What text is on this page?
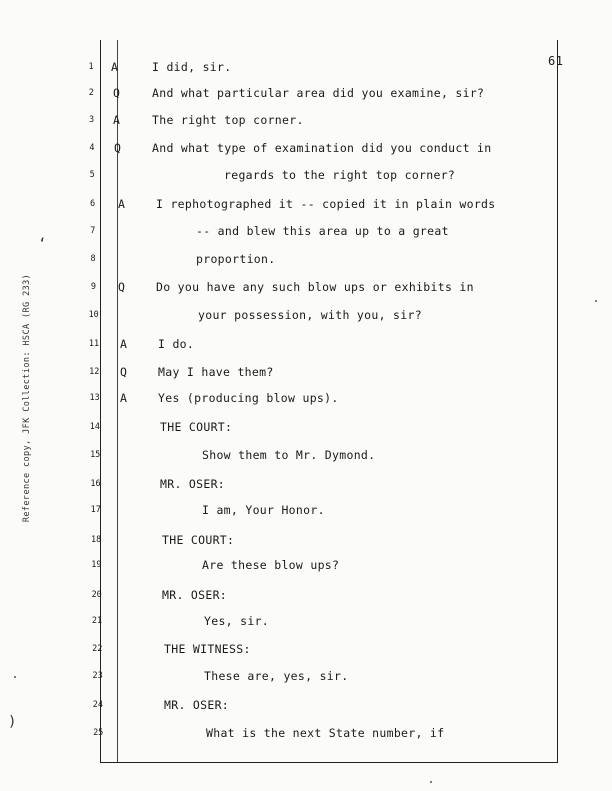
61
Reference copy, JFK Collection: HSCA (RG 233)
1	A	I did, sir.
2	Q	And what particular area did you examine, sir?
3	A	The right top corner.
4	Q	And what type of examination did you conduct in
5	regards to the right top corner?
6	A	I rephotographed it -- copied it in plain words
7	-- and blew this area up to a great
8	proportion.
9	Q	Do you have any such blow ups or exhibits in
10	your possession, with you, sir?
11	A	I do.
12	Q	May I have them?
13	A	Yes (producing blow ups).
14	THE COURT:
15	Show them to Mr. Dymond.
16	MR. OSER:
17	I am, Your Honor.
18	THE COURT:
19	Are these blow ups?
20	MR. OSER:
21	Yes, sir.
22	THE WITNESS:
23	These are, yes, sir.
24	MR. OSER:
25	What is the next State number, if
ʻ
)
